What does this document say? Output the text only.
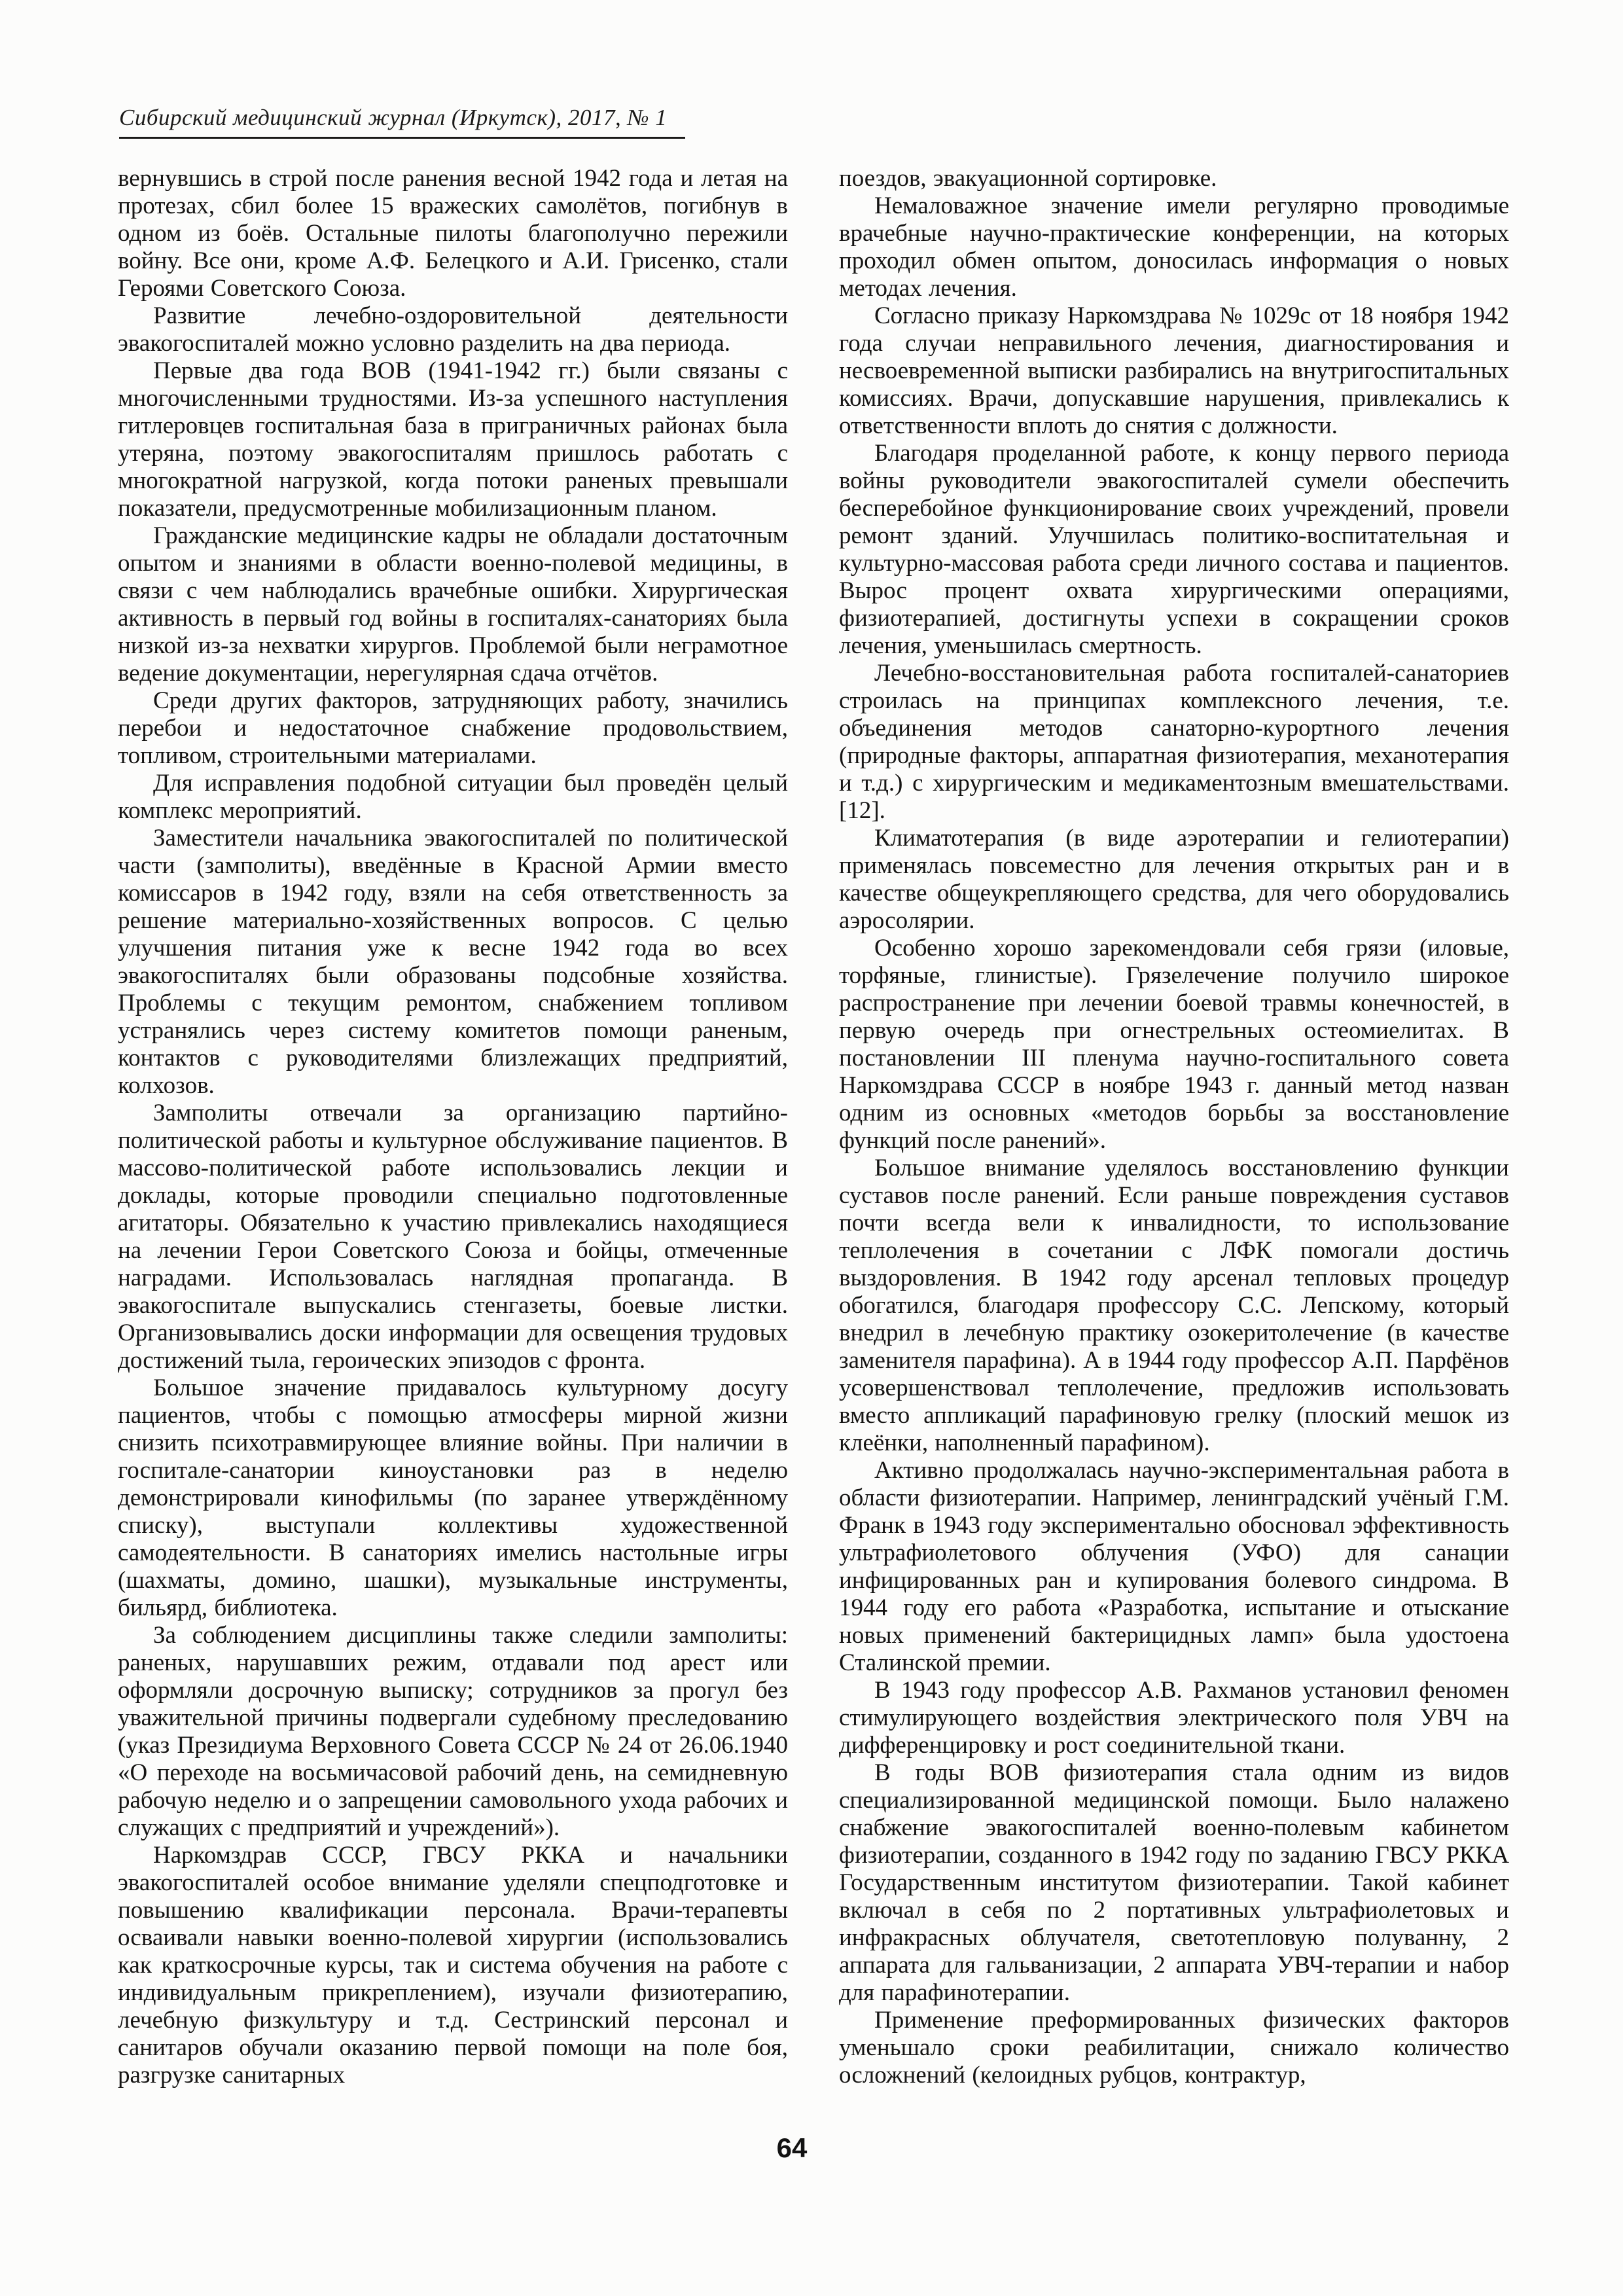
Сибирский медицинский журнал (Иркутск), 2017, № 1

вернувшись в строй после ранения весной 1942 года и летая на протезах, сбил более 15 вражеских самолётов, погибнув в одном из боёв. Остальные пилоты благополучно пережили войну. Все они, кроме А.Ф. Белецкого и А.И. Грисенко, стали Героями Советского Союза.

Развитие лечебно-оздоровительной деятельности эвакогоспиталей можно условно разделить на два периода.

Первые два года ВОВ (1941-1942 гг.) были связаны с многочисленными трудностями. Из-за успешного наступления гитлеровцев госпитальная база в приграничных районах была утеряна, поэтому эвакогоспиталям пришлось работать с многократной нагрузкой, когда потоки раненых превышали показатели, предусмотренные мобилизационным планом.

Гражданские медицинские кадры не обладали достаточным опытом и знаниями в области военно-полевой медицины, в связи с чем наблюдались врачебные ошибки. Хирургическая активность в первый год войны в госпиталях-санаториях была низкой из-за нехватки хирургов. Проблемой были неграмотное ведение документации, нерегулярная сдача отчётов.

Среди других факторов, затрудняющих работу, значились перебои и недостаточное снабжение продовольствием, топливом, строительными материалами.

Для исправления подобной ситуации был проведён целый комплекс мероприятий.

Заместители начальника эвакогоспиталей по политической части (замполиты), введённые в Красной Армии вместо комиссаров в 1942 году, взяли на себя ответственность за решение материально-хозяйственных вопросов. С целью улучшения питания уже к весне 1942 года во всех эвакогоспиталях были образованы подсобные хозяйства. Проблемы с текущим ремонтом, снабжением топливом устранялись через систему комитетов помощи раненым, контактов с руководителями близлежащих предприятий, колхозов.

Замполиты отвечали за организацию партийно-политической работы и культурное обслуживание пациентов. В массово-политической работе использовались лекции и доклады, которые проводили специально подготовленные агитаторы. Обязательно к участию привлекались находящиеся на лечении Герои Советского Союза и бойцы, отмеченные наградами. Использовалась наглядная пропаганда. В эвакогоспитале выпускались стенгазеты, боевые листки. Организовывались доски информации для освещения трудовых достижений тыла, героических эпизодов с фронта.

Большое значение придавалось культурному досугу пациентов, чтобы с помощью атмосферы мирной жизни снизить психотравмирующее влияние войны. При наличии в госпитале-санатории киноустановки раз в неделю демонстрировали кинофильмы (по заранее утверждённому списку), выступали коллективы художественной самодеятельности. В санаториях имелись настольные игры (шахматы, домино, шашки), музыкальные инструменты, бильярд, библиотека.

За соблюдением дисциплины также следили замполиты: раненых, нарушавших режим, отдавали под арест или оформляли досрочную выписку; сотрудников за прогул без уважительной причины подвергали судебному преследованию (указ Президиума Верховного Совета СССР № 24 от 26.06.1940 «О переходе на восьмичасовой рабочий день, на семидневную рабочую неделю и о запрещении самовольного ухода рабочих и служащих с предприятий и учреждений»).

Наркомздрав СССР, ГВСУ РККА и начальники эвакогоспиталей особое внимание уделяли спецподготовке и повышению квалификации персонала. Врачи-терапевты осваивали навыки военно-полевой хирургии (использовались как краткосрочные курсы, так и система обучения на работе с индивидуальным прикреплением), изучали физиотерапию, лечебную физкультуру и т.д. Сестринский персонал и санитаров обучали оказанию первой помощи на поле боя, разгрузке санитарных

поездов, эвакуационной сортировке.

Немаловажное значение имели регулярно проводимые врачебные научно-практические конференции, на которых проходил обмен опытом, доносилась информация о новых методах лечения.

Согласно приказу Наркомздрава № 1029с от 18 ноября 1942 года случаи неправильного лечения, диагностирования и несвоевременной выписки разбирались на внутригоспитальных комиссиях. Врачи, допускавшие нарушения, привлекались к ответственности вплоть до снятия с должности.

Благодаря проделанной работе, к концу первого периода войны руководители эвакогоспиталей сумели обеспечить бесперебойное функционирование своих учреждений, провели ремонт зданий. Улучшилась политико-воспитательная и культурно-массовая работа среди личного состава и пациентов. Вырос процент охвата хирургическими операциями, физиотерапией, достигнуты успехи в сокращении сроков лечения, уменьшилась смертность.

Лечебно-восстановительная работа госпиталей-санаториев строилась на принципах комплексного лечения, т.е. объединения методов санаторно-курортного лечения (природные факторы, аппаратная физиотерапия, механотерапия и т.д.) с хирургическим и медикаментозным вмешательствами. [12].

Климатотерапия (в виде аэротерапии и гелиотерапии) применялась повсеместно для лечения открытых ран и в качестве общеукрепляющего средства, для чего оборудовались аэросолярии.

Особенно хорошо зарекомендовали себя грязи (иловые, торфяные, глинистые). Грязелечение получило широкое распространение при лечении боевой травмы конечностей, в первую очередь при огнестрельных остеомиелитах. В постановлении III пленума научно-госпитального совета Наркомздрава СССР в ноябре 1943 г. данный метод назван одним из основных «методов борьбы за восстановление функций после ранений».

Большое внимание уделялось восстановлению функции суставов после ранений. Если раньше повреждения суставов почти всегда вели к инвалидности, то использование теплолечения в сочетании с ЛФК помогали достичь выздоровления. В 1942 году арсенал тепловых процедур обогатился, благодаря профессору С.С. Лепскому, который внедрил в лечебную практику озокеритолечение (в качестве заменителя парафина). А в 1944 году профессор А.П. Парфёнов усовершенствовал теплолечение, предложив использовать вместо аппликаций парафиновую грелку (плоский мешок из клеёнки, наполненный парафином).

Активно продолжалась научно-экспериментальная работа в области физиотерапии. Например, ленинградский учёный Г.М. Франк в 1943 году экспериментально обосновал эффективность ультрафиолетового облучения (УФО) для санации инфицированных ран и купирования болевого синдрома. В 1944 году его работа «Разработка, испытание и отыскание новых применений бактерицидных ламп» была удостоена Сталинской премии.

В 1943 году профессор А.В. Рахманов установил феномен стимулирующего воздействия электрического поля УВЧ на дифференцировку и рост соединительной ткани.

В годы ВОВ физиотерапия стала одним из видов специализированной медицинской помощи. Было налажено снабжение эвакогоспиталей военно-полевым кабинетом физиотерапии, созданного в 1942 году по заданию ГВСУ РККА Государственным институтом физиотерапии. Такой кабинет включал в себя по 2 портативных ультрафиолетовых и инфракрасных облучателя, светотепловую полуванну, 2 аппарата для гальванизации, 2 аппарата УВЧ-терапии и набор для парафинотерапии.

Применение преформированных физических факторов уменьшало сроки реабилитации, снижало количество осложнений (келоидных рубцов, контрактур,

64
